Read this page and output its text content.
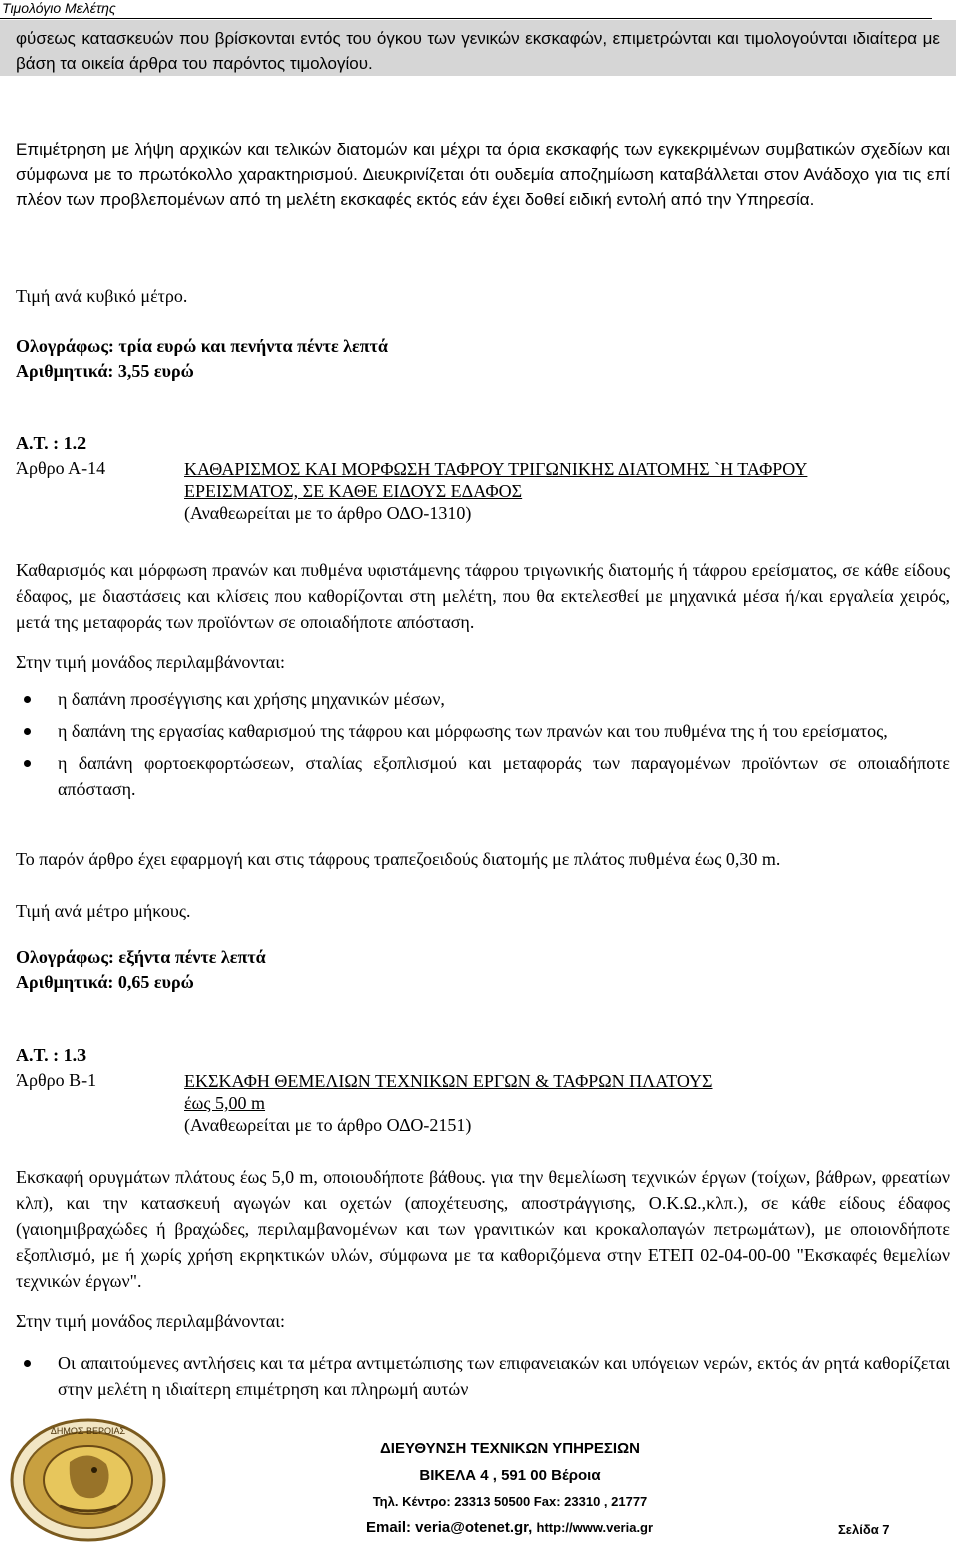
Τιμολόγιο Μελέτης

φύσεως κατασκευών που βρίσκονται εντός του όγκου των γενικών εκσκαφών, επιμετρώνται και τιμολογούνται ιδιαίτερα με βάση τα οικεία άρθρα του παρόντος τιμολογίου.

Επιμέτρηση με λήψη αρχικών και τελικών διατομών και μέχρι τα όρια εκσκαφής των εγκεκριμένων συμβατικών σχεδίων και σύμφωνα με το πρωτόκολλο χαρακτηρισμού. Διευκρινίζεται ότι ουδεμία αποζημίωση καταβάλλεται στον Ανάδοχο για τις επί πλέον των προβλεπομένων από τη μελέτη εκσκαφές εκτός εάν έχει δοθεί ειδική εντολή από την Υπηρεσία.

Τιμή ανά κυβικό μέτρο.
Ολογράφως: τρία ευρώ και πενήντα πέντε λεπτά
Αριθμητικά: 3,55 ευρώ
Α.Τ. : 1.2
Άρθρο Α-14	ΚΑΘΑΡΙΣΜΟΣ ΚΑΙ ΜΟΡΦΩΣΗ ΤΑΦΡΟΥ ΤΡΙΓΩΝΙΚΗΣ ΔΙΑΤΟΜΗΣ `Η ΤΑΦΡΟΥ
ΕΡΕΙΣΜΑΤΟΣ, ΣΕ ΚΑΘΕ ΕΙΔΟΥΣ ΕΔΑΦΟΣ
(Αναθεωρείται με το άρθρο ΟΔΟ-1310)

Καθαρισμός και μόρφωση πρανών και πυθμένα υφιστάμενης τάφρου τριγωνικής διατομής ή τάφρου ερείσματος, σε κάθε είδους έδαφος, με διαστάσεις και κλίσεις που καθορίζονται στη μελέτη, που θα εκτελεσθεί με μηχανικά μέσα ή/και εργαλεία χειρός, μετά της μεταφοράς των προϊόντων σε οποιαδήποτε απόσταση.

Στην τιμή μονάδος περιλαμβάνονται:
η δαπάνη προσέγγισης και χρήσης μηχανικών μέσων,
η δαπάνη της εργασίας καθαρισμού της τάφρου και μόρφωσης των πρανών και του πυθμένα της ή του ερείσματος,
η δαπάνη φορτοεκφορτώσεων, σταλίας εξοπλισμού και μεταφοράς των παραγομένων προϊόντων σε οποιαδήποτε απόσταση.
Το παρόν άρθρο έχει εφαρμογή και στις τάφρους τραπεζοειδούς διατομής με πλάτος πυθμένα έως 0,30 m.
Τιμή ανά μέτρο μήκους.
Ολογράφως: εξήντα πέντε λεπτά
Αριθμητικά: 0,65 ευρώ
Α.Τ. : 1.3
Άρθρο Β-1	ΕΚΣΚΑΦΗ ΘΕΜΕΛΙΩΝ ΤΕΧΝΙΚΩΝ ΕΡΓΩΝ & ΤΑΦΡΩΝ ΠΛΑΤΟΥΣ
έως 5,00 m
(Αναθεωρείται με το άρθρο ΟΔΟ-2151)

Εκσκαφή ορυγμάτων πλάτους έως 5,0 m, οποιουδήποτε βάθους. για την θεμελίωση τεχνικών έργων (τοίχων, βάθρων, φρεατίων κλπ), και την κατασκευή αγωγών και οχετών (αποχέτευσης, αποστράγγισης, Ο.Κ.Ω.,κλπ.), σε κάθε είδους έδαφος (γαιοημιβραχώδες ή βραχώδες, περιλαμβανομένων και των γρανιτικών και κροκαλοπαγών πετρωμάτων), με οποιονδήποτε εξοπλισμό, με ή χωρίς χρήση εκρηκτικών υλών, σύμφωνα με τα καθοριζόμενα στην ΕΤΕΠ 02-04-00-00 "Εκσκαφές θεμελίων τεχνικών έργων".

Στην τιμή μονάδος περιλαμβάνονται:
Οι απαιτούμενες αντλήσεις και τα μέτρα αντιμετώπισης των επιφανειακών και υπόγειων νερών, εκτός άν ρητά καθορίζεται στην μελέτη η ιδιαίτερη επιμέτρηση και πληρωμή αυτών
ΔΗΜΟΣ ΒΕΡΟΙΑΣ
ΔΙΕΥΘΥΝΣΗ ΤΕΧΝΙΚΩΝ ΥΠΗΡΕΣΙΩΝ
ΒΙΚΕΛΑ 4 , 591 00 Βέροια
Τηλ. Κέντρο: 23313 50500 Fax: 23310 , 21777
Email: veria@otenet.gr, http://www.veria.gr	Σελίδα 7
